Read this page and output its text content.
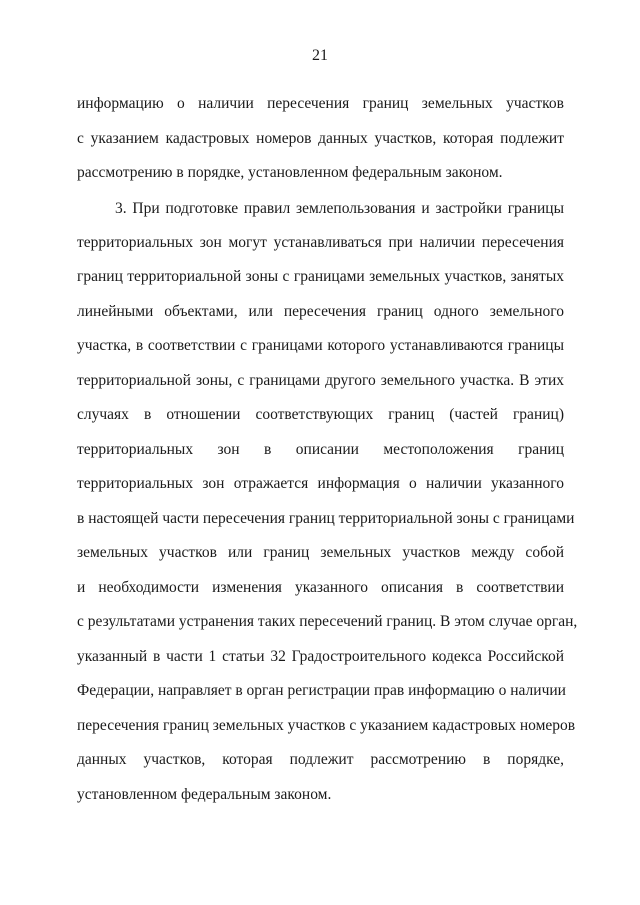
21
информацию о наличии пересечения границ земельных участков
с указанием кадастровых номеров данных участков, которая подлежит
рассмотрению в порядке, установленном федеральным законом.
3. При подготовке правил землепользования и застройки границы
территориальных зон могут устанавливаться при наличии пересечения
границ территориальной зоны с границами земельных участков, занятых
линейными объектами, или пересечения границ одного земельного
участка, в соответствии с границами которого устанавливаются границы
территориальной зоны, с границами другого земельного участка. В этих
случаях в отношении соответствующих границ (частей границ)
территориальных зон в описании местоположения границ
территориальных зон отражается информация о наличии указанного
в настоящей части пересечения границ территориальной зоны с границами
земельных участков или границ земельных участков между собой
и необходимости изменения указанного описания в соответствии
с результатами устранения таких пересечений границ. В этом случае орган,
указанный в части 1 статьи 32 Градостроительного кодекса Российской
Федерации, направляет в орган регистрации прав информацию о наличии
пересечения границ земельных участков с указанием кадастровых номеров
данных участков, которая подлежит рассмотрению в порядке,
установленном федеральным законом.
